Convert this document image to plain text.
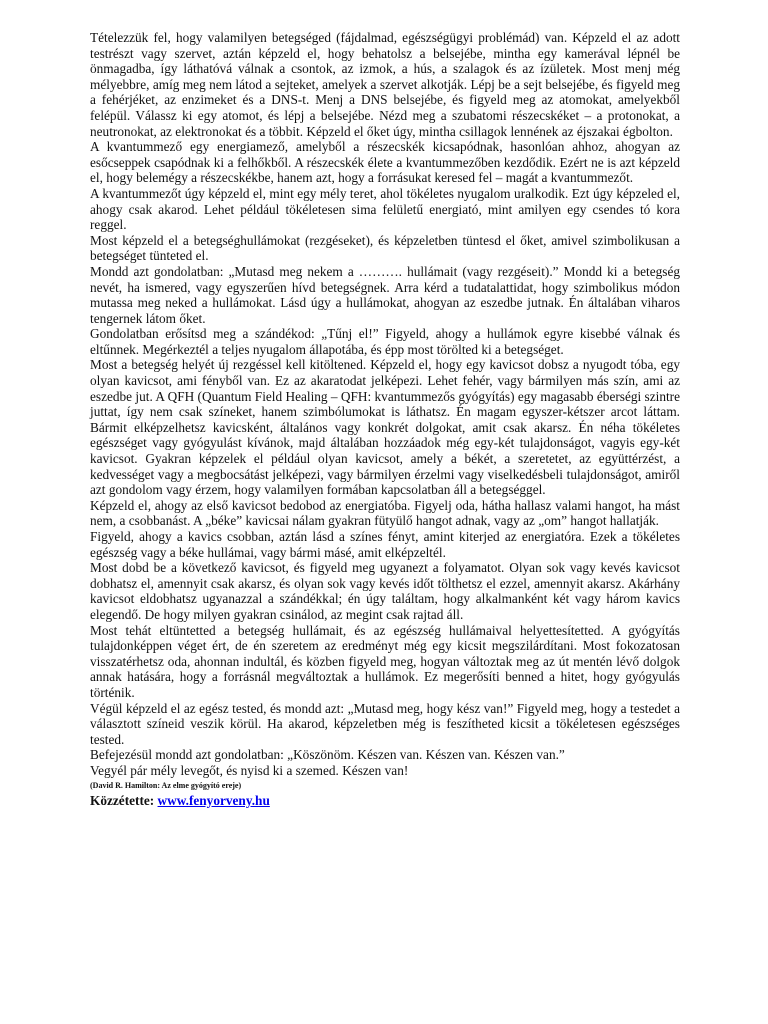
Tételezzük fel, hogy valamilyen betegséged (fájdalmad, egészségügyi problémád) van. Képzeld el az adott testrészt vagy szervet, aztán képzeld el, hogy behatolsz a belsejébe, mintha egy kamerával lépnél be önmagadba, így láthatóvá válnak a csontok, az izmok, a hús, a szalagok és az ízületek. Most menj még mélyebbre, amíg meg nem látod a sejteket, amelyek a szervet alkotják. Lépj be a sejt belsejébe, és figyeld meg a fehérjéket, az enzimeket és a DNS-t. Menj a DNS belsejébe, és figyeld meg az atomokat, amelyekből felépül. Válassz ki egy atomot, és lépj a belsejébe. Nézd meg a szubatomi részecskéket – a protonokat, a neutronokat, az elektronokat és a többit. Képzeld el őket úgy, mintha csillagok lennének az éjszakai égbolton.

A kvantummező egy energiamező, amelyből a részecskék kicsapódnak, hasonlóan ahhoz, ahogyan az esőcseppek csapódnak ki a felhőkből. A részecskék élete a kvantummezőben kezdődik. Ezért ne is azt képzeld el, hogy belemégy a részecskékbe, hanem azt, hogy a forrásukat keresed fel – magát a kvantummezőt.

A kvantummezőt úgy képzeld el, mint egy mély teret, ahol tökéletes nyugalom uralkodik. Ezt úgy képzeled el, ahogy csak akarod. Lehet például tökéletesen sima felületű energiató, mint amilyen egy csendes tó kora reggel.

Most képzeld el a betegséghullámokat (rezgéseket), és képzeletben tüntesd el őket, amivel szimbolikusan a betegséget tünteted el.

Mondd azt gondolatban: „Mutasd meg nekem a ………. hullámait (vagy rezgéseit).” Mondd ki a betegség nevét, ha ismered, vagy egyszerűen hívd betegségnek. Arra kérd a tudatalattidat, hogy szimbolikus módon mutassa meg neked a hullámokat. Lásd úgy a hullámokat, ahogyan az eszedbe jutnak. Én általában viharos tengernek látom őket.

Gondolatban erősítsd meg a szándékod: „Tűnj el!” Figyeld, ahogy a hullámok egyre kisebbé válnak és eltűnnek. Megérkeztél a teljes nyugalom állapotába, és épp most törölted ki a betegséget.

Most a betegség helyét új rezgéssel kell kitöltened. Képzeld el, hogy egy kavicsot dobsz a nyugodt tóba, egy olyan kavicsot, ami fényből van. Ez az akaratodat jelképezi. Lehet fehér, vagy bármilyen más szín, ami az eszedbe jut. A QFH (Quantum Field Healing – QFH: kvantummezős gyógyítás) egy magasabb éberségi szintre juttat, így nem csak színeket, hanem szimbólumokat is láthatsz. Én magam egyszer-kétszer arcot láttam. Bármit elképzelhetsz kavicsként, általános vagy konkrét dolgokat, amit csak akarsz. Én néha tökéletes egészséget vagy gyógyulást kívánok, majd általában hozzáadok még egy-két tulajdonságot, vagyis egy-két kavicsot. Gyakran képzelek el például olyan kavicsot, amely a békét, a szeretetet, az együttérzést, a kedvességet vagy a megbocsátást jelképezi, vagy bármilyen érzelmi vagy viselkedésbeli tulajdonságot, amiről azt gondolom vagy érzem, hogy valamilyen formában kapcsolatban áll a betegséggel.

Képzeld el, ahogy az első kavicsot bedobod az energiatóba. Figyelj oda, hátha hallasz valami hangot, ha mást nem, a csobbanást. A „béke” kavicsai nálam gyakran fütyülő hangot adnak, vagy az „om” hangot hallatják.

Figyeld, ahogy a kavics csobban, aztán lásd a színes fényt, amint kiterjed az energiatóra. Ezek a tökéletes egészség vagy a béke hullámai, vagy bármi másé, amit elképzeltél.

Most dobd be a következő kavicsot, és figyeld meg ugyanezt a folyamatot. Olyan sok vagy kevés kavicsot dobhatsz el, amennyit csak akarsz, és olyan sok vagy kevés időt tölthetsz el ezzel, amennyit akarsz. Akárhány kavicsot eldobhatsz ugyanazzal a szándékkal; én úgy találtam, hogy alkalmanként két vagy három kavics elegendő. De hogy milyen gyakran csinálod, az megint csak rajtad áll.

Most tehát eltüntetted a betegség hullámait, és az egészség hullámaival helyettesítetted. A gyógyítás tulajdonképpen véget ért, de én szeretem az eredményt még egy kicsit megszilárdítani. Most fokozatosan visszatérhetsz oda, ahonnan indultál, és közben figyeld meg, hogyan változtak meg az út mentén lévő dolgok annak hatására, hogy a forrásnál megváltoztak a hullámok. Ez megerősíti benned a hitet, hogy gyógyulás történik.

Végül képzeld el az egész tested, és mondd azt: „Mutasd meg, hogy kész van!” Figyeld meg, hogy a testedet a választott színeid veszik körül. Ha akarod, képzeletben még is feszítheted kicsit a tökéletesen egészséges tested.

Befejezésül mondd azt gondolatban: „Köszönöm. Készen van. Készen van. Készen van.”

Vegyél pár mély levegőt, és nyisd ki a szemed. Készen van!

(David R. Hamilton: Az elme gyógyító ereje)

Közzétette: www.fenyorveny.hu
